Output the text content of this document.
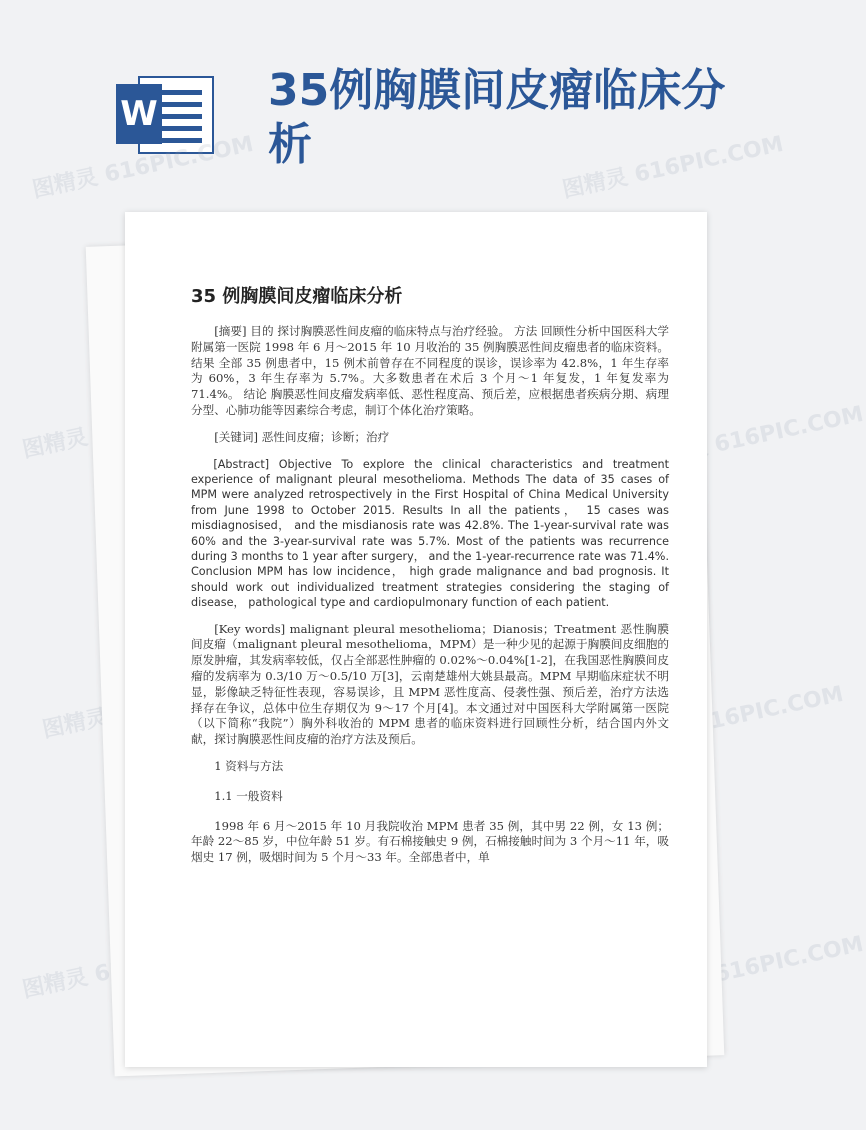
W	35例胸膜间皮瘤临床分析
图精灵 616PIC.COM	图精灵 616PIC.COM
图精灵	图精灵 616PIC.COM
图精灵	图精灵 616PIC.COM
图精灵	图精灵 616PIC.COM
35 例胸膜间皮瘤临床分析

[摘要] 目的 探讨胸膜恶性间皮瘤的临床特点与治疗经验。 方法 回顾性分析中国医科大学附属第一医院 1998 年 6 月～2015 年 10 月收治的 35 例胸膜恶性间皮瘤患者的临床资料。 结果 全部 35 例患者中，15 例术前曾存在不同程度的误诊，误诊率为 42.8%，1 年生存率为 60%，3 年生存率为 5.7%。大多数患者在术后 3 个月～1 年复发，1 年复发率为 71.4%。 结论 胸膜恶性间皮瘤发病率低、恶性程度高、预后差，应根据患者疾病分期、病理分型、心肺功能等因素综合考虑，制订个体化治疗策略。

[关键词] 恶性间皮瘤；诊断；治疗

[Abstract] Objective To explore the clinical characteristics and treatment experience of malignant pleural mesothelioma. Methods The data of 35 cases of MPM were analyzed retrospectively in the First Hospital of China Medical University from June 1998 to October 2015. Results In all the patients， 15 cases was misdiagnosised， and the misdianosis rate was 42.8%. The 1-year-survival rate was 60% and the 3-year-survival rate was 5.7%. Most of the patients was recurrence during 3 months to 1 year after surgery， and the 1-year-recurrence rate was 71.4%. Conclusion MPM has low incidence， high grade malignance and bad prognosis. It should work out individualized treatment strategies considering the staging of disease， pathological type and cardiopulmonary function of each patient.

[Key words] malignant pleural mesothelioma；Dianosis；Treatment 恶性胸膜间皮瘤（malignant pleural mesothelioma，MPM）是一种少见的起源于胸膜间皮细胞的原发肿瘤，其发病率较低，仅占全部恶性肿瘤的 0.02%～0.04%[1-2]，在我国恶性胸膜间皮瘤的发病率为 0.3/10 万～0.5/10 万[3]，云南楚雄州大姚县最高。MPM 早期临床症状不明显，影像缺乏特征性表现，容易误诊，且 MPM 恶性度高、侵袭性强、预后差，治疗方法选择存在争议，总体中位生存期仅为 9～17 个月[4]。本文通过对中国医科大学附属第一医院（以下简称“我院”）胸外科收治的 MPM 患者的临床资料进行回顾性分析，结合国内外文献，探讨胸膜恶性间皮瘤的治疗方法及预后。

1 资料与方法

1.1 一般资料

1998 年 6 月～2015 年 10 月我院收治 MPM 患者 35 例，其中男 22 例，女 13 例；年龄 22～85 岁，中位年龄 51 岁。有石棉接触史 9 例，石棉接触时间为 3 个月～11 年，吸烟史 17 例，吸烟时间为 5 个月～33 年。全部患者中，单
